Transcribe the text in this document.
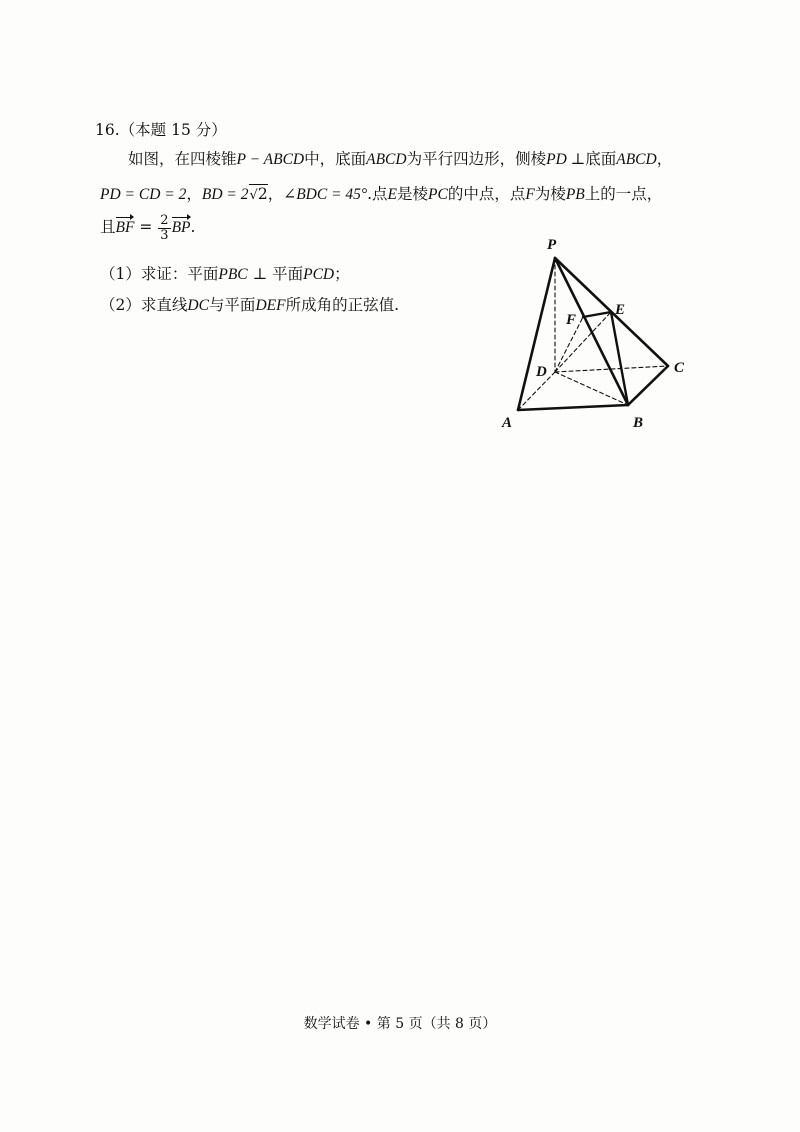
16.（本题 15 分）
如图，在四棱锥P − ABCD中，底面ABCD为平行四边形，侧棱PD ⊥底面ABCD，
PD = CD = 2，BD = 2√2，∠BDC = 45°.点E是棱PC的中点，点F为棱PB上的一点，
且BF = $\frac{2}{3}$ BP.
（1）求证：平面PBC ⊥ 平面PCD；
（2）求直线DC与平面DEF所成角的正弦值.
P
A	B
C
D
E
F
数学试卷 • 第 5 页（共 8 页）
